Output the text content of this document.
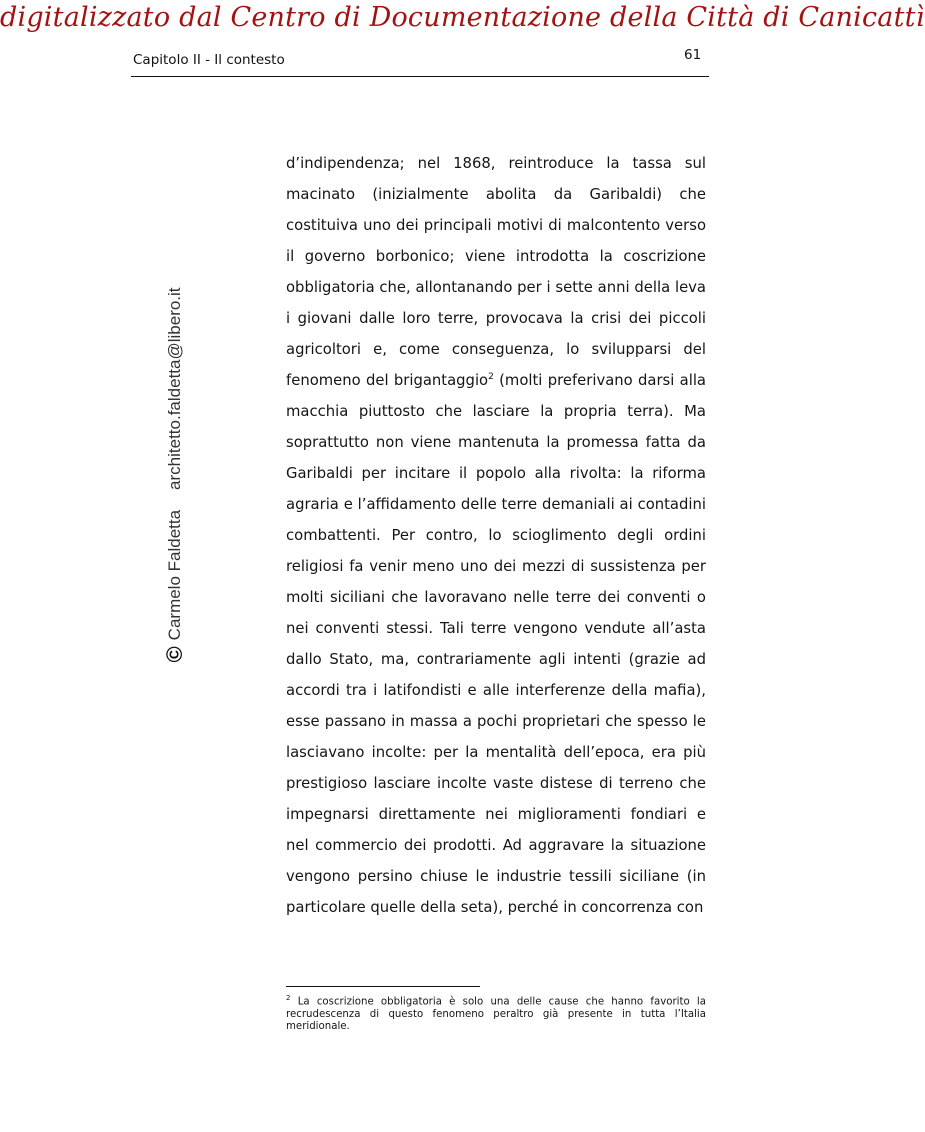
digitalizzato dal Centro di Documentazione della Città di Canicattì
Capitolo II - Il contesto	61
©
Carmelo Faldetta
architetto.faldetta@libero.it

d’indipendenza; nel 1868, reintroduce la tassa sul macinato (inizialmente abolita da Garibaldi) che costituiva uno dei principali motivi di malcontento verso il governo borbonico; viene introdotta la coscrizione obbligatoria che, allontanando per i sette anni della leva i giovani dalle loro terre, provocava la crisi dei piccoli agricoltori e, come conseguenza, lo svilupparsi del fenomeno del brigantaggio$^2$ (molti preferivano darsi alla macchia piuttosto che lasciare la propria terra). Ma soprattutto non viene mantenuta la promessa fatta da Garibaldi per incitare il popolo alla rivolta: la riforma agraria e l’affidamento delle terre demaniali ai contadini combattenti. Per contro, lo scioglimento degli ordini religiosi fa venir meno uno dei mezzi di sussistenza per molti siciliani che lavoravano nelle terre dei conventi o nei conventi stessi. Tali terre vengono vendute all’asta dallo Stato, ma, contrariamente agli intenti (grazie ad accordi tra i latifondisti e alle interferenze della mafia), esse passano in massa a pochi proprietari che spesso le lasciavano incolte: per la mentalità dell’epoca, era più prestigioso lasciare incolte vaste distese di terreno che impegnarsi direttamente nei miglioramenti fondiari e nel commercio dei prodotti. Ad aggravare la situazione vengono persino chiuse le industrie tessili siciliane (in particolare quelle della seta), perché in concorrenza con

$^2$ La coscrizione obbligatoria è solo una delle cause che hanno favorito la recrudescenza di questo fenomeno peraltro già presente in tutta l’Italia meridionale.
